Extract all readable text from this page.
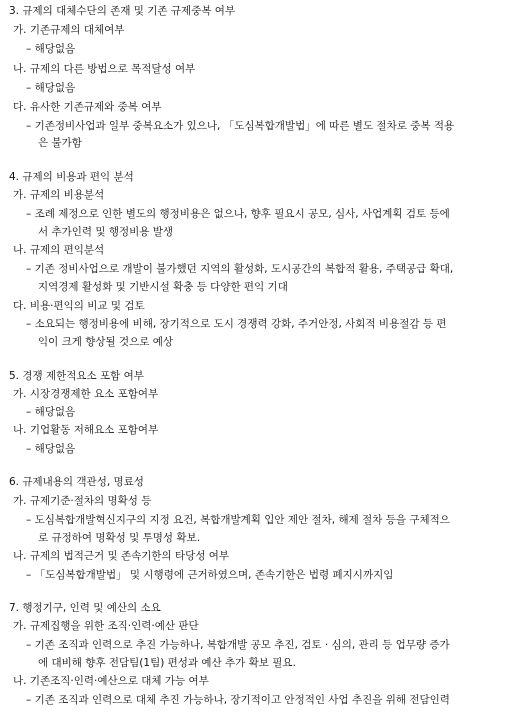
3. 규제의 대체수단의 존재 및 기존 규제중복 여부
가. 기존규제의 대체여부
– 해당없음
나. 규제의 다른 방법으로 목적달성 여부
– 해당없음
다. 유사한 기존규제와 중복 여부
– 기존정비사업과 일부 중복요소가 있으나, 「도심복합개발법」에 따른 별도 절차로 중복 적용
은 불가함
4. 규제의 비용과 편익 분석
가. 규제의 비용분석
– 조례 제정으로 인한 별도의 행정비용은 없으나, 향후 필요시 공모, 심사, 사업계획 검토 등에
서 추가인력 및 행정비용 발생
나. 규제의 편익분석
– 기존 정비사업으로 개발이 불가했던 지역의 활성화, 도시공간의 복합적 활용, 주택공급 확대,
지역경제 활성화 및 기반시설 확충 등 다양한 편익 기대
다. 비용·편익의 비교 및 검토
– 소요되는 행정비용에 비해, 장기적으로 도시 경쟁력 강화, 주거안정, 사회적 비용절감 등 편
익이 크게 향상될 것으로 예상
5. 경쟁 제한적요소 포함 여부
가. 시장경쟁제한 요소 포함여부
– 해당없음
나. 기업활동 저해요소 포함여부
– 해당없음
6. 규제내용의 객관성, 명료성
가. 규제기준·절차의 명확성 등
– 도심복합개발혁신지구의 지정 요건, 복합개발계획 입안 제안 절차, 해제 절차 등을 구체적으
로 규정하여 명확성 및 투명성 확보.
나. 규제의 법적근거 및 존속기한의 타당성 여부
– 「도심복합개발법」 및 시행령에 근거하였으며, 존속기한은 법령 폐지시까지임
7. 행정기구, 인력 및 예산의 소요
가. 규제집행을 위한 조직·인력·예산 판단
– 기존 조직과 인력으로 추진 가능하나, 복합개발 공모 추진, 검토 · 심의, 관리 등 업무량 증가
에 대비해 향후 전담팀(1팀) 편성과 예산 추가 확보 필요.
나. 기존조직·인력·예산으로 대체 가능 여부
– 기존 조직과 인력으로 대체 추진 가능하나, 장기적이고 안정적인 사업 추진을 위해 전담인력
